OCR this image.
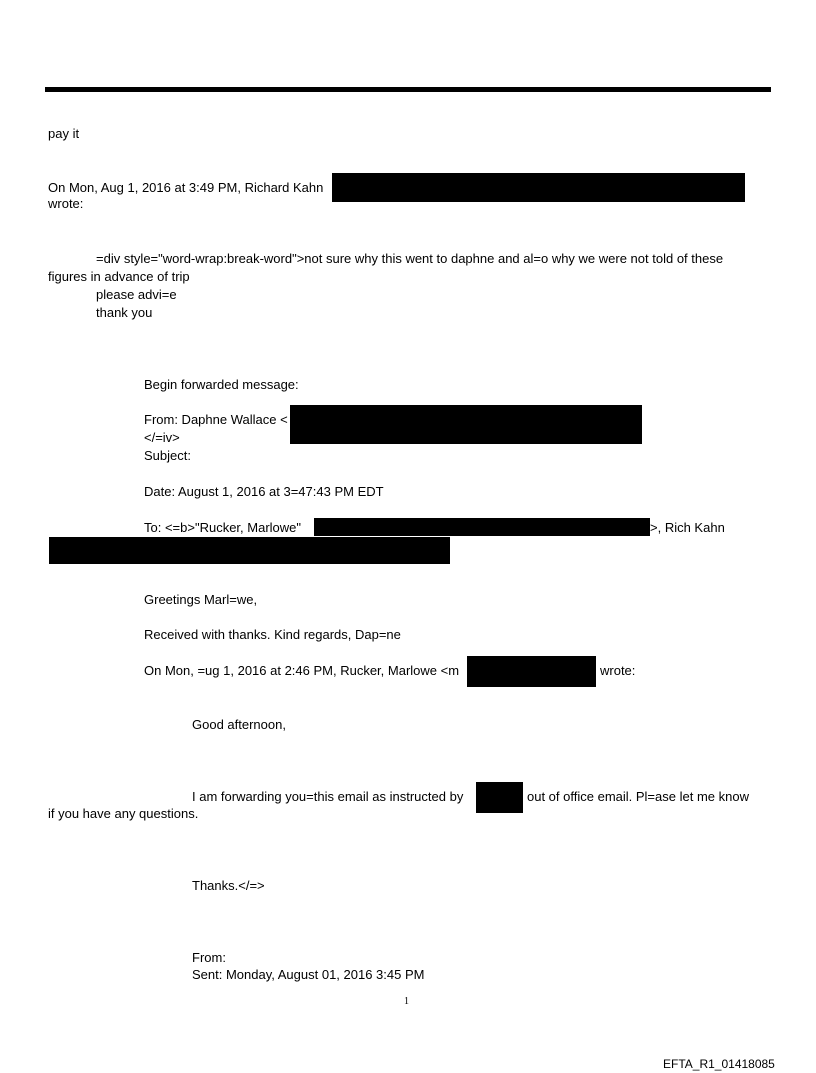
pay it
On Mon, Aug 1, 2016 at 3:49 PM, Richard Kahn
wrote:
=div style="word-wrap:break-word">not sure why this went to daphne and al=o why we were not told of these
figures in advance of trip
please advi=e
thank you
Begin forwarded message:
From: Daphne Wallace <
</=iv>
Subject:
Date: August 1, 2016 at 3=47:43 PM EDT
To: <=b>"Rucker, Marlowe"	>, Rich Kahn
Greetings Marl=we,
Received with thanks. Kind regards, Dap=ne
On Mon, =ug 1, 2016 at 2:46 PM, Rucker, Marlowe <m	wrote:
Good afternoon,
I am forwarding you=this email as instructed by	out of office email. Pl=ase let me know
if you have any questions.
Thanks.</=>
From:
Sent: Monday, August 01, 2016 3:45 PM
1
EFTA_R1_01418085
